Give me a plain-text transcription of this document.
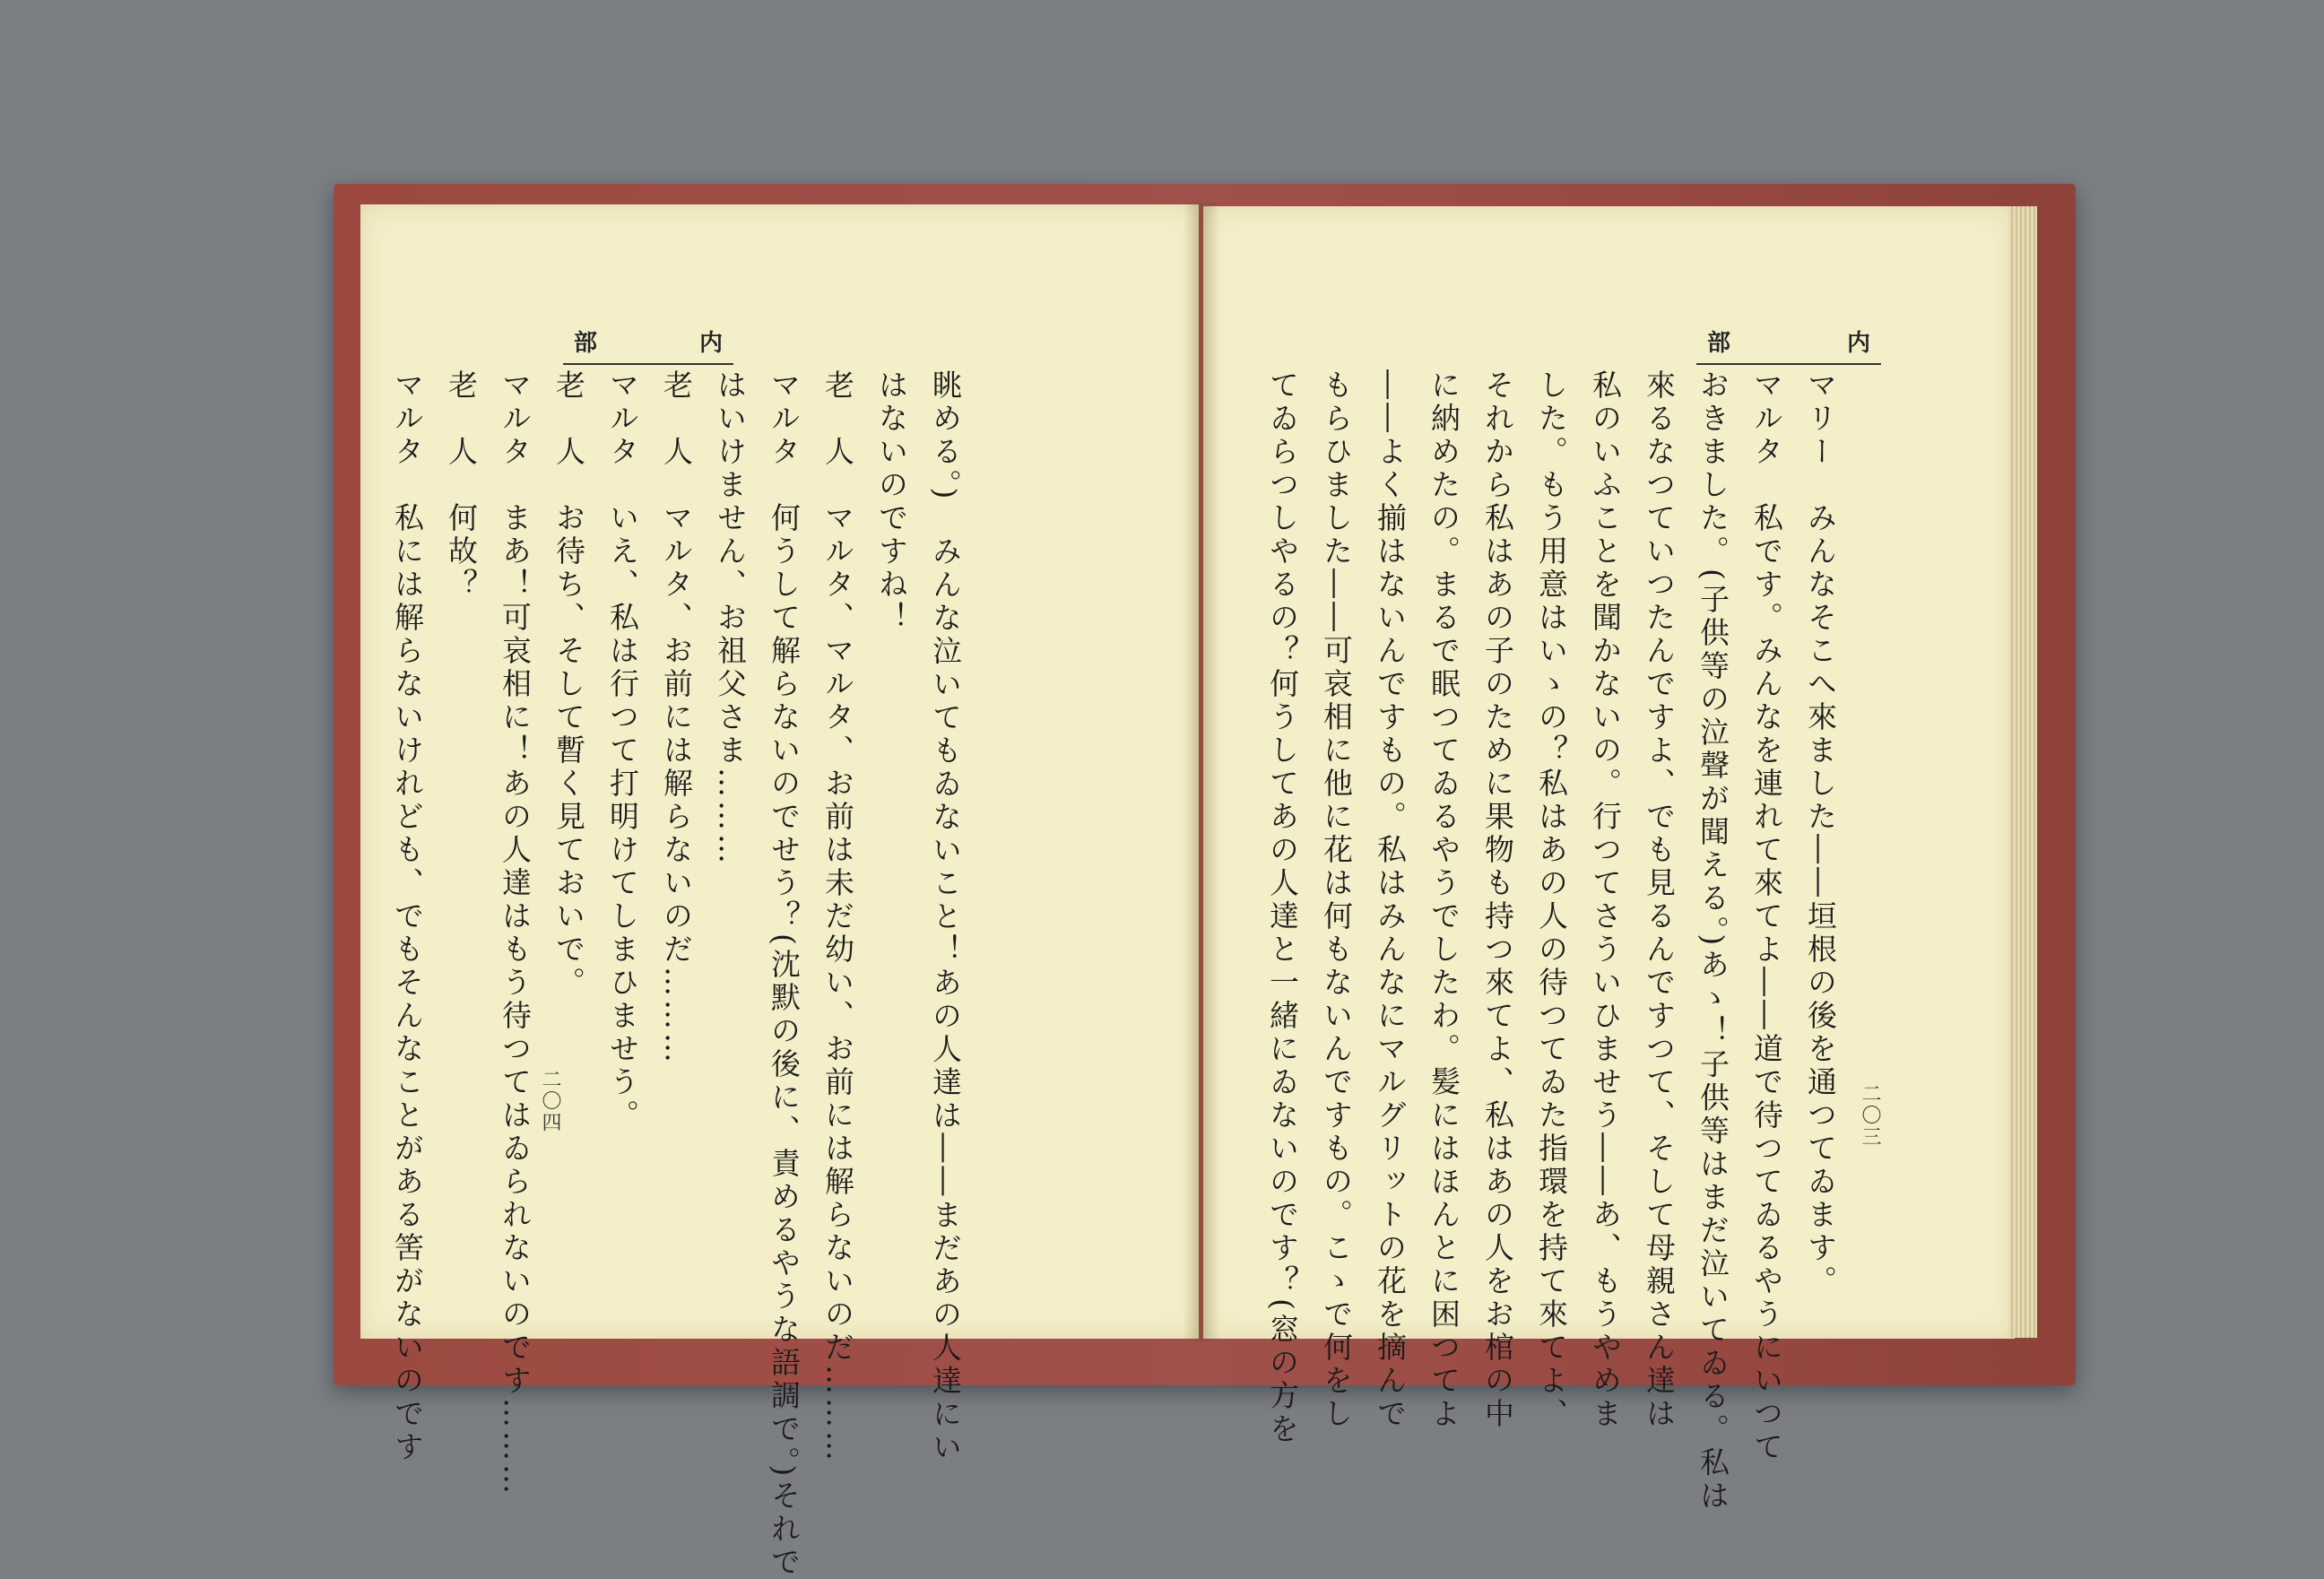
部	内
マリー　みんなそこへ來ました――垣根の後を通つてゐます。
マルタ　私です。みんなを連れて來てよ――道で待つてゐるやうにいつて
おきました。(子供等の泣聲が聞える。)あゝ！子供等はまだ泣いてゐる。私は
來るなつていつたんですよ、でも見るんですつて、そして母親さん達は
私のいふことを聞かないの。行つてさういひませう――あ、もうやめま
した。もう用意はいゝの？私はあの人の待つてゐた指環を持て來てよ、
それから私はあの子のために果物も持つ來てよ、私はあの人をお棺の中
に納めたの。まるで眠つてゐるやうでしたわ。髪にはほんとに困つてよ
――よく揃はないんですもの。私はみんなにマルグリットの花を摘んで
もらひました――可哀相に他に花は何もないんですもの。こゝで何をし
てゐらつしやるの？何うしてあの人達と一緒にゐないのです？(窓の方を	二〇三
部	内
眺める。)　みんな泣いてもゐないこと！あの人達は――まだあの人達にい
はないのですね！
老　人　マルタ、マルタ、お前は未だ幼い、お前には解らないのだ………
マルタ　何うして解らないのでせう？(沈默の後に、責めるやうな語調で。)それで
はいけません、お祖父さま………
老　人　マルタ、お前には解らないのだ………
マルタ　いえ、私は行つて打明けてしまひませう。
老　人　お待ち、そして暫く見ておいで。
マルタ　まあ！可哀相に！あの人達はもう待つてはゐられないのです………
老　人　何故？
マルタ　私には解らないけれども、でもそんなことがある筈がないのです	二〇四
